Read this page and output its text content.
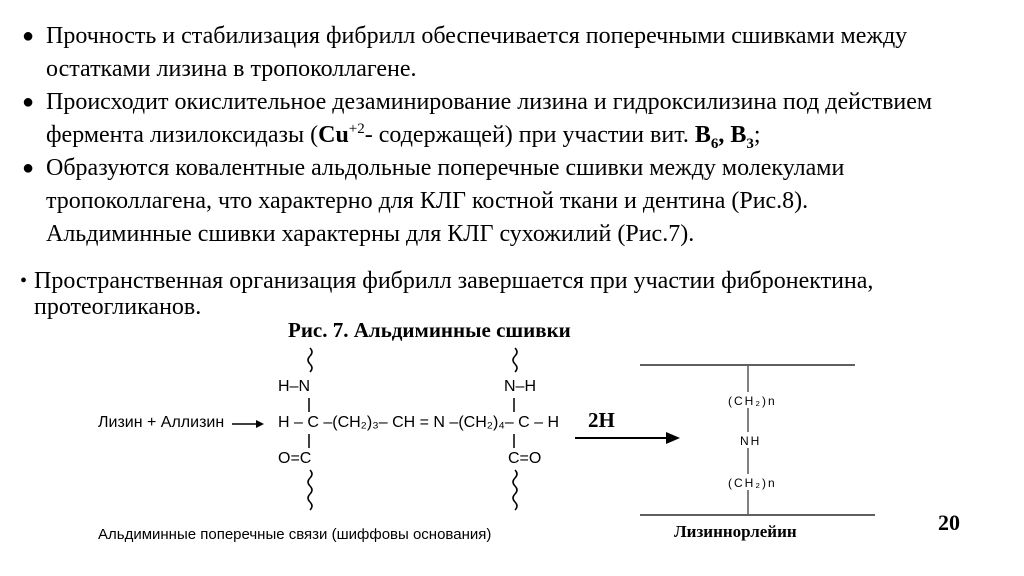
● Прочность и стабилизация фибрилл обеспечивается поперечными сшивками между остатками лизина в тропоколлагене.
● Происходит окислительное дезаминирование лизина и гидроксилизина под действием фермента лизилоксидазы ($Cu^{+2}-$ содержащей) при участии вит. $B_6$, $B_3$;
● Образуются ковалентные альдольные поперечные сшивки между молекулами тропоколлагена, что характерно для КЛГ костной ткани и дентина (Рис.8).
Альдиминные сшивки характерны для КЛГ сухожилий (Рис.7).
• Пространственная организация фибрилл завершается при участии фибронектина, протеогликанов.
Рис. 7. Альдиминные сшивки
Лизин + Аллизин
H–N	N–H
H – C –(CH₂)₃– CH = N –(CH₂)₄– C – H
O=C	C=O
Альдиминные поперечные связи (шиффовы основания)
2H
(CH₂)n
NH
(CH₂)n
Лизиннорлейин	20
